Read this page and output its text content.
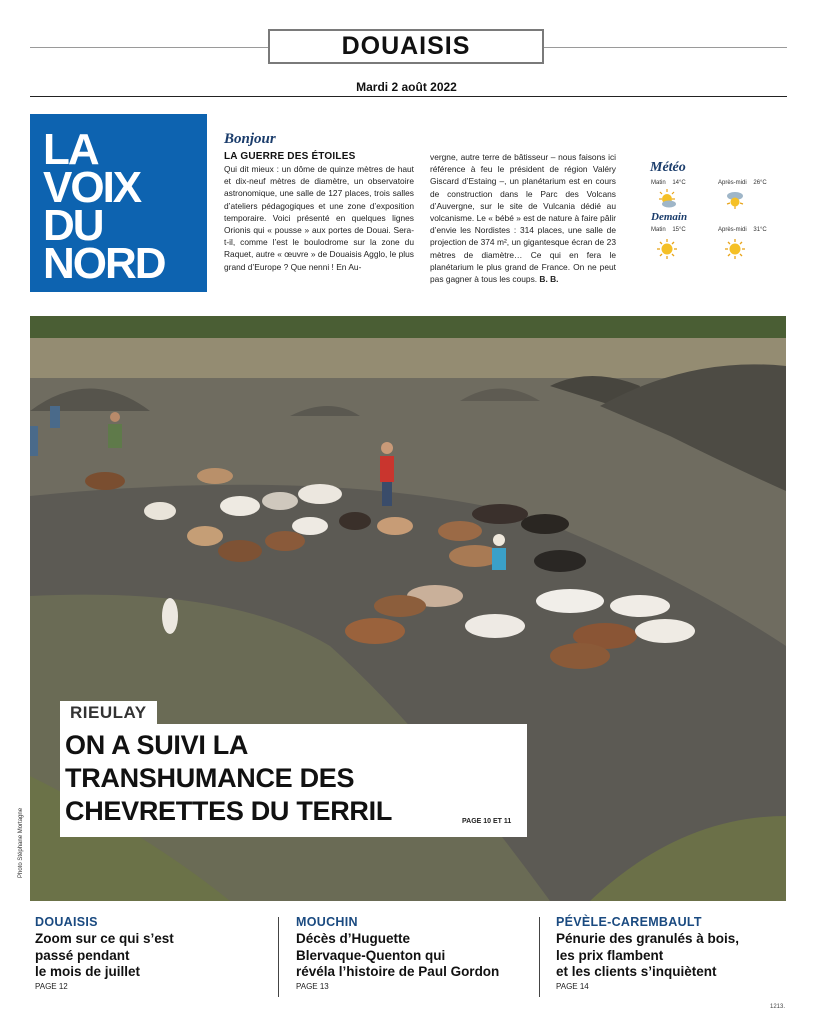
DOUAISIS
Mardi 2 août 2022
LA
VOIX
DU
NORD
Bonjour
LA GUERRE DES ÉTOILES
Qui dit mieux : un dôme de quinze mètres de haut et dix-neuf mètres de diamètre, un observatoire astronomique, une salle de 127 places, trois salles d’ateliers pédagogiques et une zone d’exposition temporaire. Voici présenté en quelques lignes Orionis qui « pousse » aux portes de Douai. Sera-t-il, comme l’est le boulodrome sur la zone du Raquet, autre « œuvre » de Douaisis Agglo, le plus grand d’Europe ? Que nenni ! En Au-
vergne, autre terre de bâtisseur – nous faisons ici référence à feu le président de région Valéry Giscard d’Estaing –, un planétarium est en cours de construction dans le Parc des Volcans d’Auvergne, sur le site de Vulcania dédié au volcanisme. Le « bébé » est de nature à faire pâlir d’envie les Nordistes : 314 places, une salle de projection de 374 m², un gigantesque écran de 23 mètres de diamètre… Ce qui en fera le planétarium le plus grand de France. On ne peut pas gagner à tous les coups. B. B.
Météo
Matin 14°C	Après-midi 26°C
Demain
Matin 15°C	Après-midi 31°C
Photo Stéphane Mortagne
RIEULAY
ON A SUIVI LA
TRANSHUMANCE DES
CHEVRETTES DU TERRIL	PAGE 10 ET 11
DOUAISIS
Zoom sur ce qui s’est
passé pendant
le mois de juillet
PAGE 12
MOUCHIN
Décès d’Huguette
Blervaque-Quenton qui
révéla l’histoire de Paul Gordon
PAGE 13
PÉVÈLE-CAREMBAULT
Pénurie des granulés à bois,
les prix flambent
et les clients s’inquiètent
PAGE 14
1213.
